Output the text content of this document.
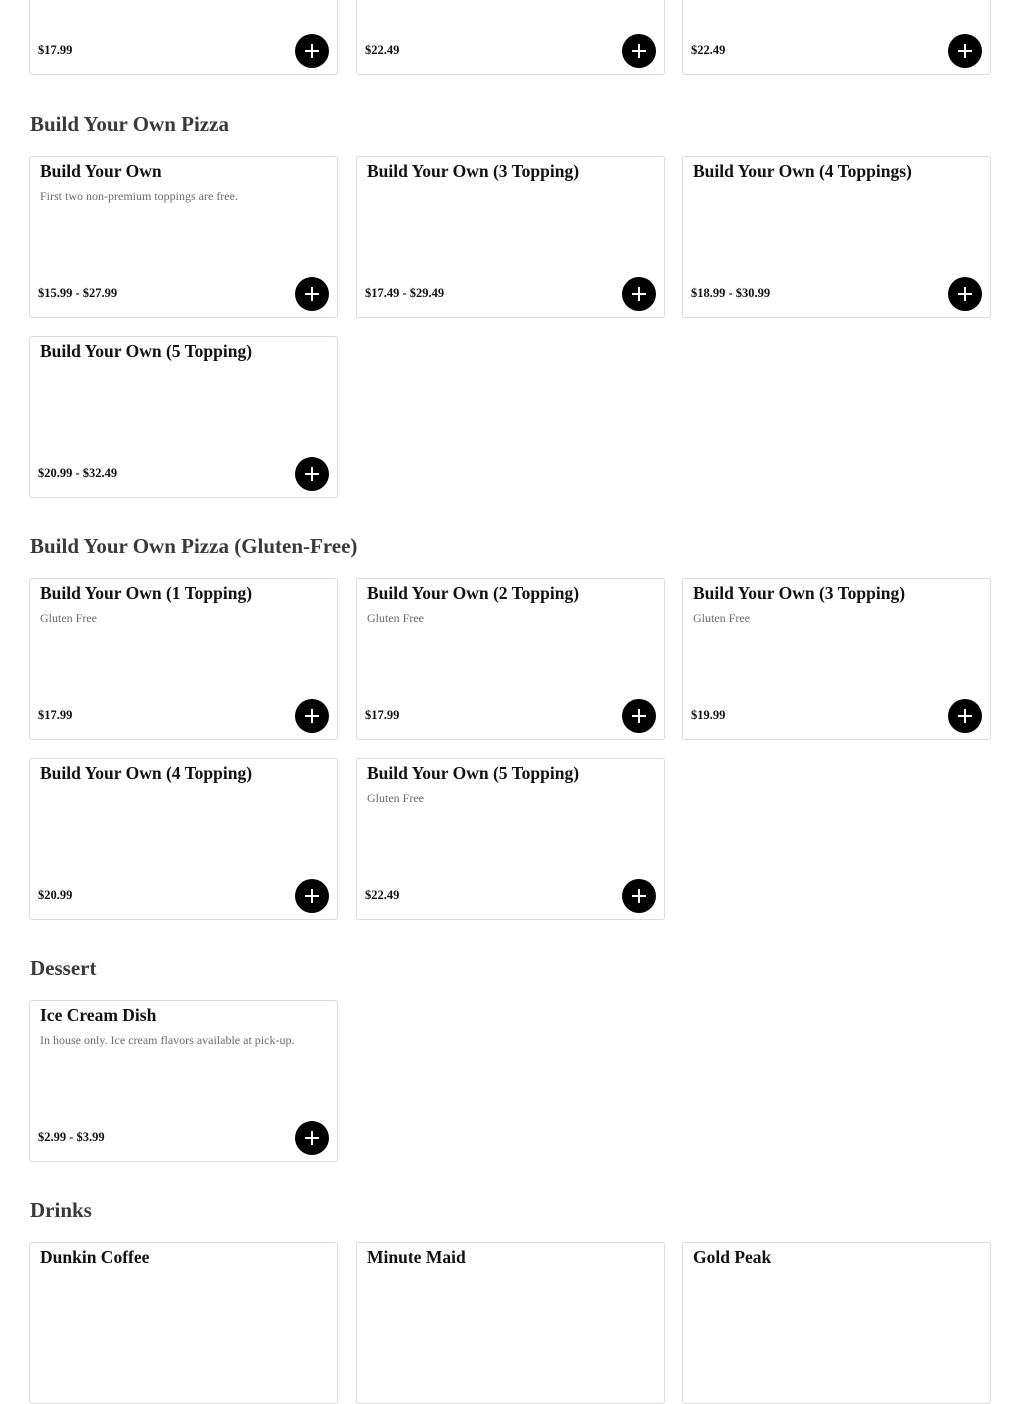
$17.99	$22.49	$22.49
Build Your Own Pizza
Build Your Own
First two non-premium toppings are free.
$15.99 - $27.99
Build Your Own (3 Topping)
$17.49 - $29.49
Build Your Own (4 Toppings)
$18.99 - $30.99
Build Your Own (5 Topping)
$20.99 - $32.49
Build Your Own Pizza (Gluten-Free)
Build Your Own (1 Topping)
Gluten Free
$17.99
Build Your Own (2 Topping)
Gluten Free
$17.99
Build Your Own (3 Topping)
Gluten Free
$19.99
Build Your Own (4 Topping)
$20.99
Build Your Own (5 Topping)
Gluten Free
$22.49
Dessert
Ice Cream Dish
In house only. Ice cream flavors available at pick-up.
$2.99 - $3.99
Drinks
Dunkin Coffee	Minute Maid	Gold Peak
